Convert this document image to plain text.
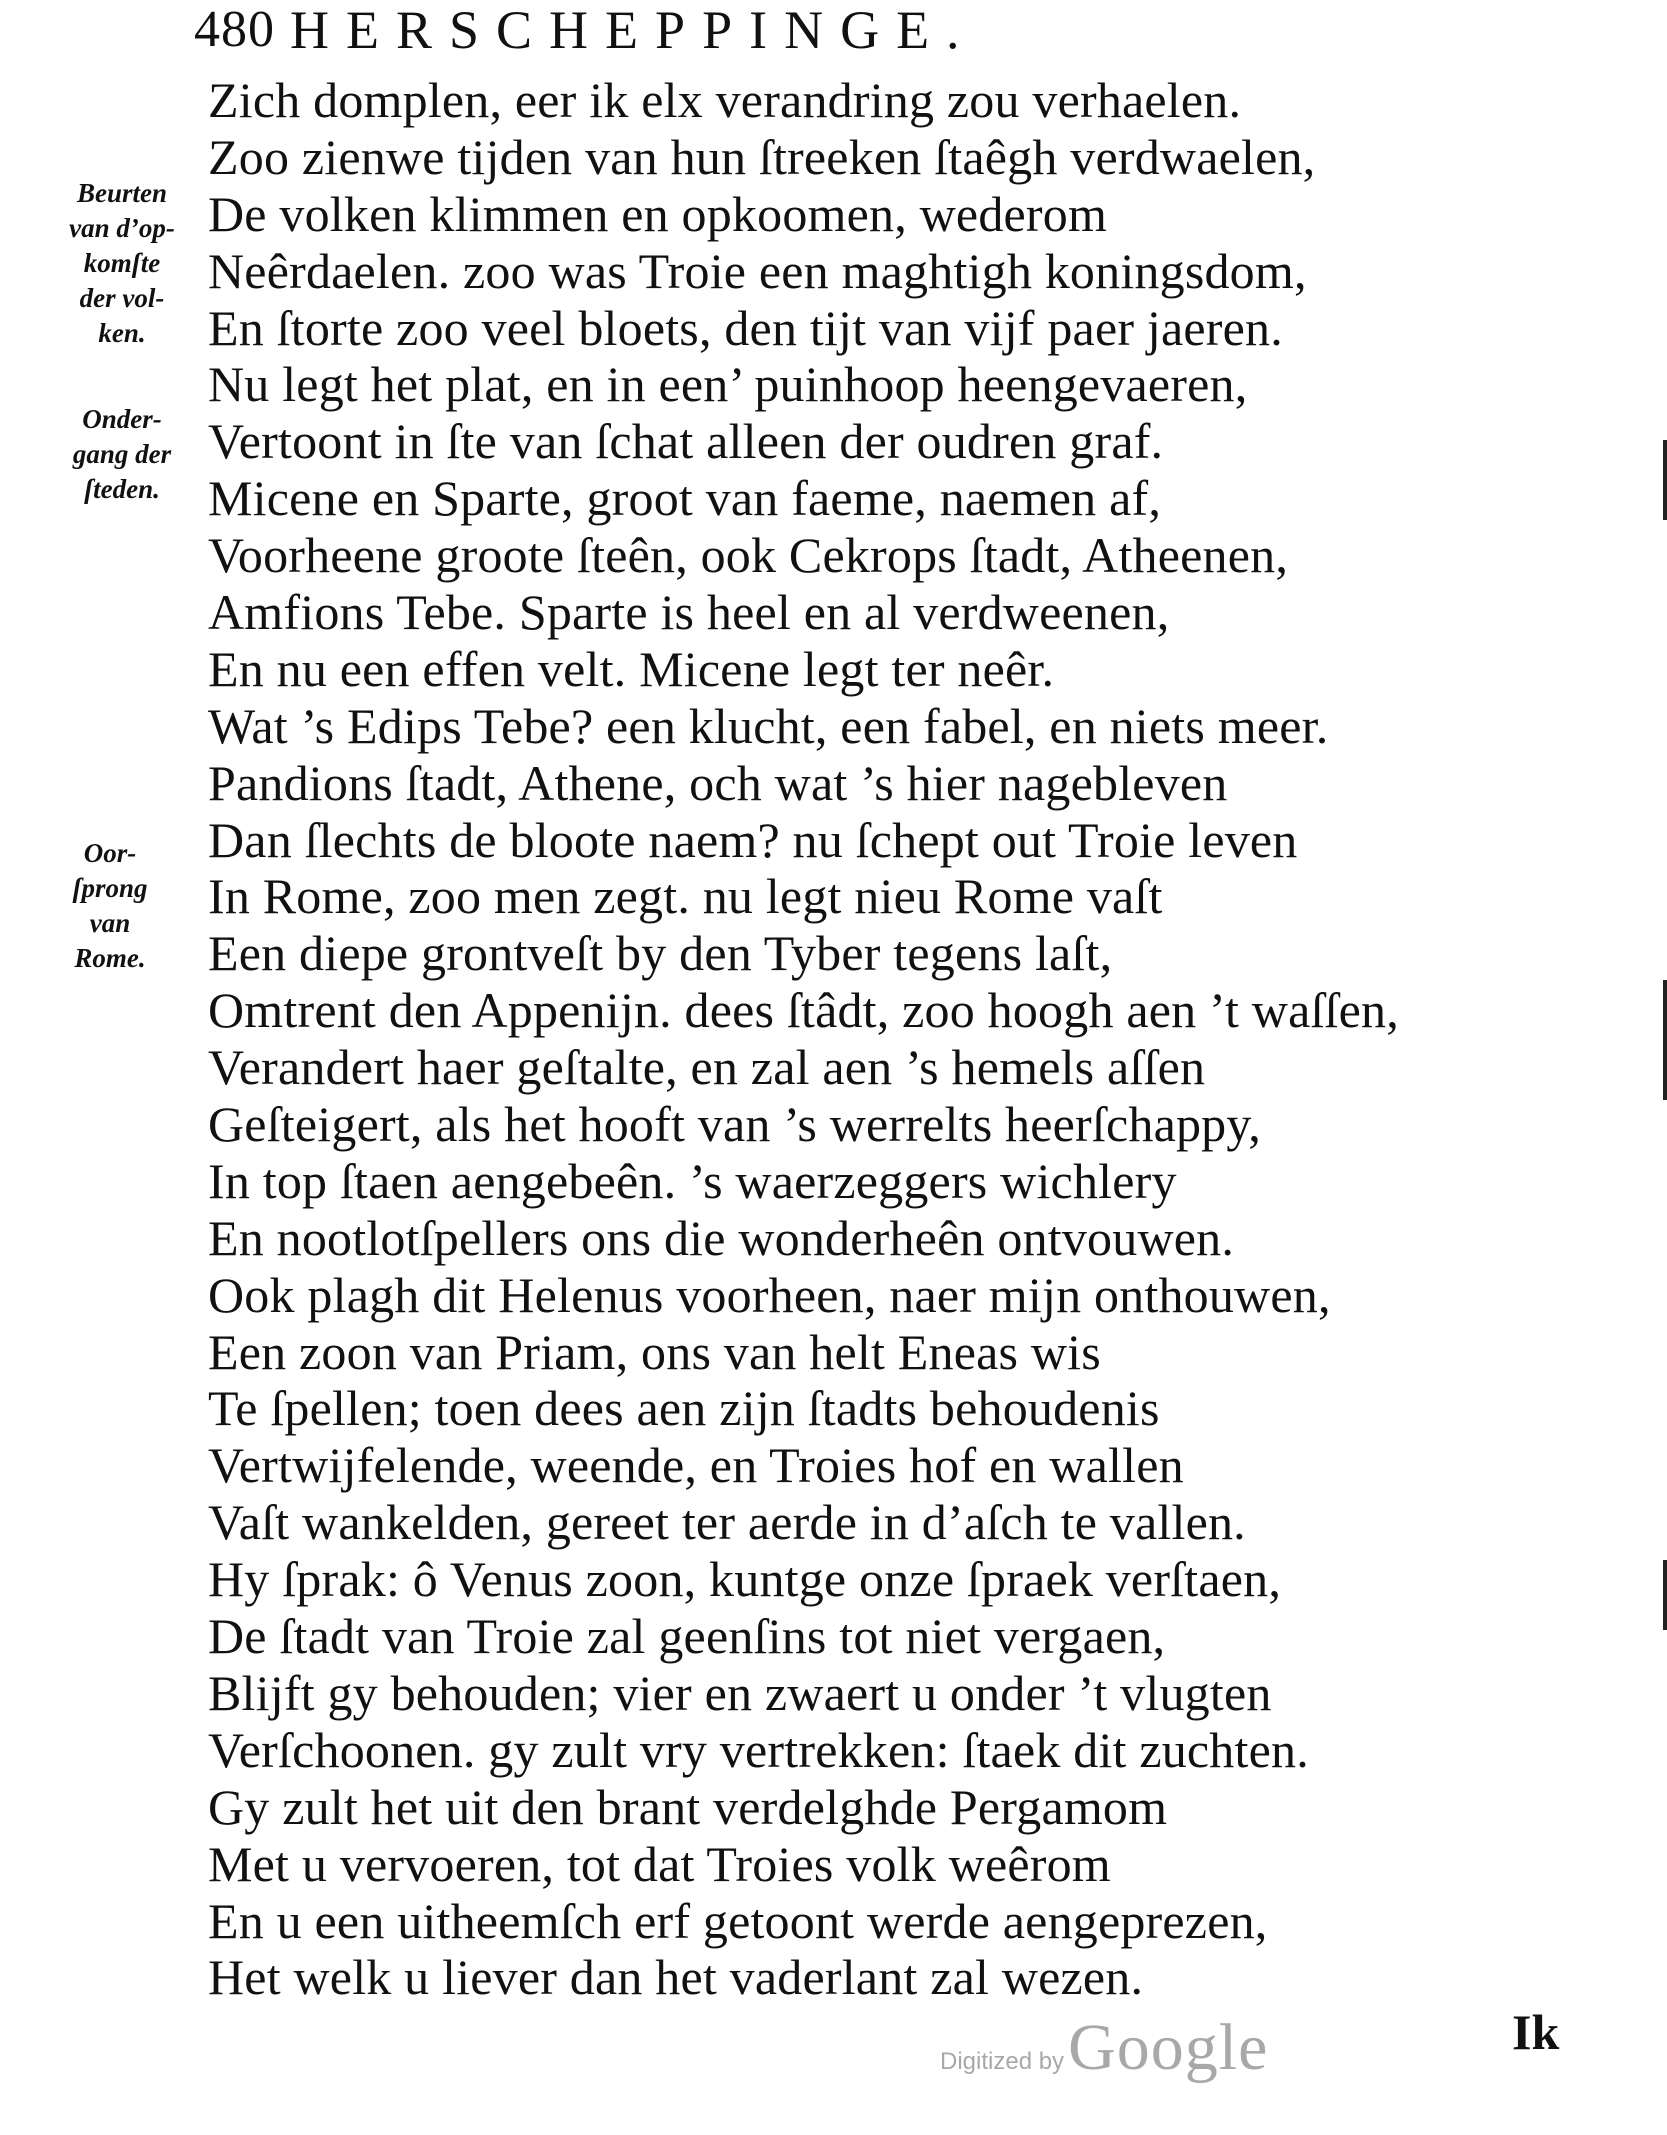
480 HERSCHEPPINGE.
Beurten
van d’op-
komſte
der vol-
ken.
Onder-
gang der
ſteden.
Oor-
ſprong
van
Rome.
Zich domplen, eer ik elx verandring zou verhaelen.
Zoo zienwe tijden van hun ſtreeken ſtaêgh verdwaelen,
De volken klimmen en opkoomen, wederom
Neêrdaelen. zoo was Troie een maghtigh koningsdom,
En ſtorte zoo veel bloets, den tijt van vijf paer jaeren.
Nu legt het plat, en in een’ puinhoop heengevaeren,
Vertoont in ſte van ſchat alleen der oudren graf.
Micene en Sparte, groot van faeme, naemen af,
Voorheene groote ſteên, ook Cekrops ſtadt, Atheenen,
Amfions Tebe. Sparte is heel en al verdweenen,
En nu een effen velt. Micene legt ter neêr.
Wat ’s Edips Tebe? een klucht, een fabel, en niets meer.
Pandions ſtadt, Athene, och wat ’s hier nagebleven
Dan ſlechts de bloote naem? nu ſchept out Troie leven
In Rome, zoo men zegt. nu legt nieu Rome vaſt
Een diepe grontveſt by den Tyber tegens laſt,
Omtrent den Appenijn. dees ſtâdt, zoo hoogh aen ’t waſſen,
Verandert haer geſtalte, en zal aen ’s hemels aſſen
Geſteigert, als het hooft van ’s werrelts heerſchappy,
In top ſtaen aengebeên. ’s waerzeggers wichlery
En nootlotſpellers ons die wonderheên ontvouwen.
Ook plagh dit Helenus voorheen, naer mijn onthouwen,
Een zoon van Priam, ons van helt Eneas wis
Te ſpellen; toen dees aen zijn ſtadts behoudenis
Vertwijfelende, weende, en Troies hof en wallen
Vaſt wankelden, gereet ter aerde in d’aſch te vallen.
Hy ſprak: ô Venus zoon, kuntge onze ſpraek verſtaen,
De ſtadt van Troie zal geenſins tot niet vergaen,
Blijft gy behouden; vier en zwaert u onder ’t vlugten
Verſchoonen. gy zult vry vertrekken: ſtaek dit zuchten.
Gy zult het uit den brant verdelghde Pergamom
Met u vervoeren, tot dat Troies volk weêrom
En u een uitheemſch erf getoont werde aengeprezen,
Het welk u liever dan het vaderlant zal wezen.
Digitized by Google	Ik
